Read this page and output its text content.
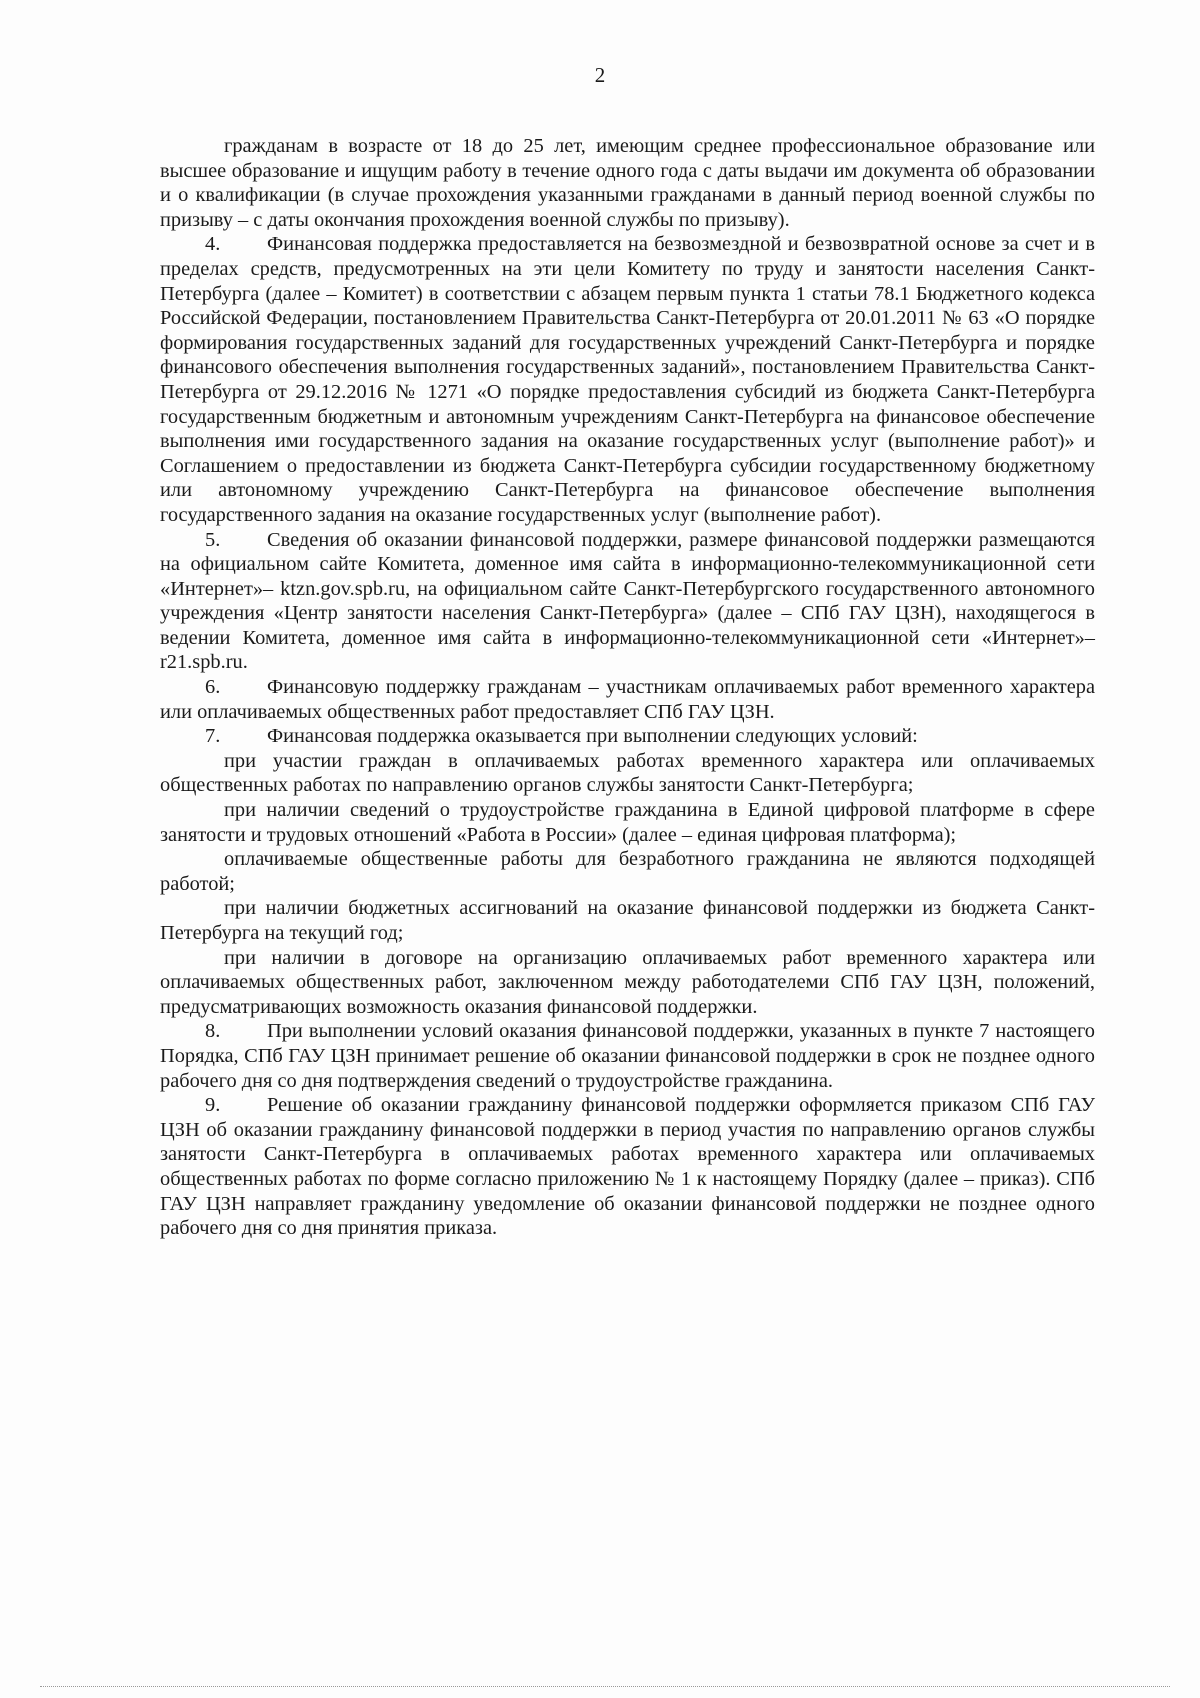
2

гражданам в возрасте от 18 до 25 лет, имеющим среднее профессиональное образование или высшее образование и ищущим работу в течение одного года с даты выдачи им документа об образовании и о квалификации (в случае прохождения указанными гражданами в данный период военной службы по призыву – с даты окончания прохождения военной службы по призыву).

4. Финансовая поддержка предоставляется на безвозмездной и безвозвратной основе за счет и в пределах средств, предусмотренных на эти цели Комитету по труду и занятости населения Санкт-Петербурга (далее – Комитет) в соответствии с абзацем первым пункта 1 статьи 78.1 Бюджетного кодекса Российской Федерации, постановлением Правительства Санкт-Петербурга от 20.01.2011 № 63 «О порядке формирования государственных заданий для государственных учреждений Санкт-Петербурга и порядке финансового обеспечения выполнения государственных заданий», постановлением Правительства Санкт-Петербурга от 29.12.2016 № 1271 «О порядке предоставления субсидий из бюджета Санкт-Петербурга государственным бюджетным и автономным учреждениям Санкт-Петербурга на финансовое обеспечение выполнения ими государственного задания на оказание государственных услуг (выполнение работ)» и Соглашением о предоставлении из бюджета Санкт-Петербурга субсидии государственному бюджетному или автономному учреждению Санкт-Петербурга на финансовое обеспечение выполнения государственного задания на оказание государственных услуг (выполнение работ).

5. Сведения об оказании финансовой поддержки, размере финансовой поддержки размещаются на официальном сайте Комитета, доменное имя сайта в информационно-телекоммуникационной сети «Интернет»– ktzn.gov.spb.ru, на официальном сайте Санкт-Петербургского государственного автономного учреждения «Центр занятости населения Санкт-Петербурга» (далее – СПб ГАУ ЦЗН), находящегося в ведении Комитета, доменное имя сайта в информационно-телекоммуникационной сети «Интернет»– r21.spb.ru.

6. Финансовую поддержку гражданам – участникам оплачиваемых работ временного характера или оплачиваемых общественных работ предоставляет СПб ГАУ ЦЗН.

7. Финансовая поддержка оказывается при выполнении следующих условий:

при участии граждан в оплачиваемых работах временного характера или оплачиваемых общественных работах по направлению органов службы занятости Санкт-Петербурга;

при наличии сведений о трудоустройстве гражданина в Единой цифровой платформе в сфере занятости и трудовых отношений «Работа в России» (далее – единая цифровая платформа);

оплачиваемые общественные работы для безработного гражданина не являются подходящей работой;

при наличии бюджетных ассигнований на оказание финансовой поддержки из бюджета Санкт-Петербурга на текущий год;

при наличии в договоре на организацию оплачиваемых работ временного характера или оплачиваемых общественных работ, заключенном между работодателеми СПб ГАУ ЦЗН, положений, предусматривающих возможность оказания финансовой поддержки.

8. При выполнении условий оказания финансовой поддержки, указанных в пункте 7 настоящего Порядка, СПб ГАУ ЦЗН принимает решение об оказании финансовой поддержки в срок не позднее одного рабочего дня со дня подтверждения сведений о трудоустройстве гражданина.

9. Решение об оказании гражданину финансовой поддержки оформляется приказом СПб ГАУ ЦЗН об оказании гражданину финансовой поддержки в период участия по направлению органов службы занятости Санкт-Петербурга в оплачиваемых работах временного характера или оплачиваемых общественных работах по форме согласно приложению № 1 к настоящему Порядку (далее – приказ). СПб ГАУ ЦЗН направляет гражданину уведомление об оказании финансовой поддержки не позднее одного рабочего дня со дня принятия приказа.
